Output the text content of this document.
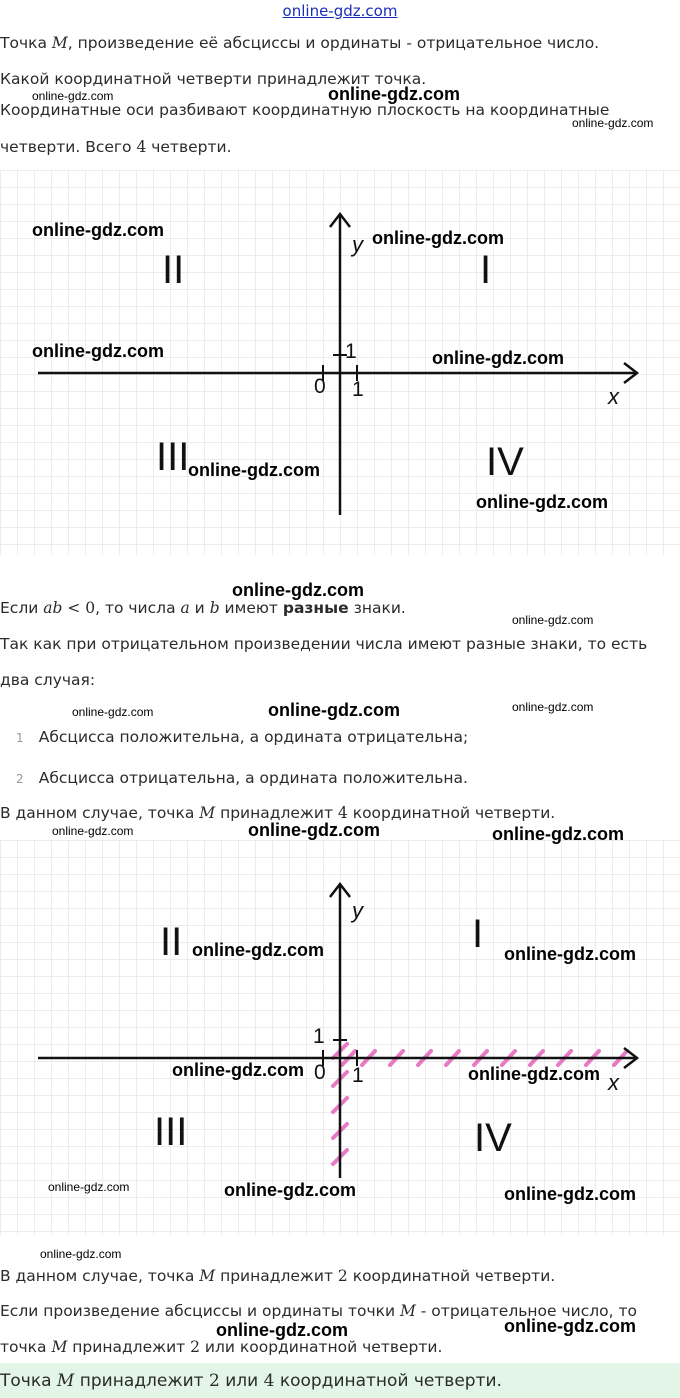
online-gdz.com
Точка M, произведение её абсциссы и ординаты - отрицательное число.
Какой координатной четверти принадлежит точка.
Координатные оси разбивают координатную плоскость на координатные
четверти. Всего 4 четверти.
y
x
0 1
1
I
II
III	IV
Если ab < 0, то числа a и b имеют разные знаки.
Так как при отрицательном произведении числа имеют разные знаки, то есть
два случая:
1 Абсцисса положительна, а ордината отрицательна;
2 Абсцисса отрицательна, а ордината положительна.
В данном случае, точка M принадлежит 4 координатной четверти.
y
x
0 1
1
I
II
III	IV
В данном случае, точка M принадлежит 2 координатной четверти.
Если произведение абсциссы и ординаты точки M - отрицательное число, то
точка M принадлежит 2 или координатной четверти.
Точка M принадлежит 2 или 4 координатной четверти.
online-gdz.com
online-gdz.com
online-gdz.com
online-gdz.com	online-gdz.com
online-gdz.com	online-gdz.com
online-gdz.com
online-gdz.com
online-gdz.com
online-gdz.com
online-gdz.com	online-gdz.com	online-gdz.com
online-gdz.com	online-gdz.com	online-gdz.com
online-gdz.com	online-gdz.com
online-gdz.com	online-gdz.com
online-gdz.com	online-gdz.com	online-gdz.com
online-gdz.com
online-gdz.com	online-gdz.com
